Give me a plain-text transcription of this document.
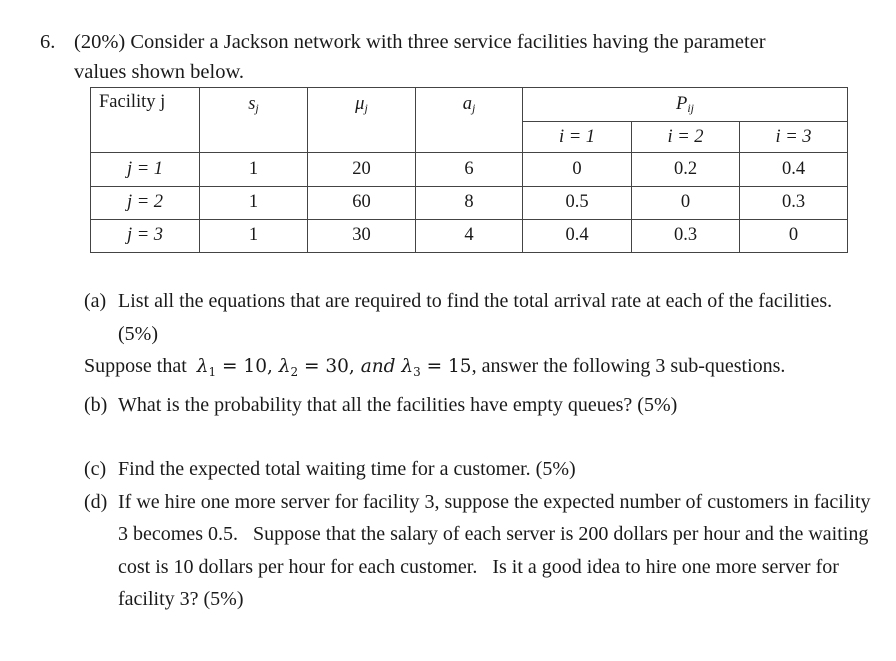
6. (20%) Consider a Jackson network with three service facilities having the parameter
values shown below.
Facility j	$s_j$	$\mu_j$	$a_j$	$P_{ij}$
				i = 1	i = 2	i = 3
j = 1	1	20	6	0	0.2	0.4
j = 2	1	60	8	0.5	0	0.3
j = 3	1	30	4	0.4	0.3	0
(a) List all the equations that are required to find the total arrival rate at each of the facilities. (5%)
Suppose that $\lambda_1 = 10$, $\lambda_2 = 30$, and $\lambda_3 = 15$, answer the following 3 sub-questions.
(b) What is the probability that all the facilities have empty queues? (5%)
(c) Find the expected total waiting time for a customer. (5%)
(d) If we hire one more server for facility 3, suppose the expected number of customers in facility 3 becomes 0.5.   Suppose that the salary of each server is 200 dollars per hour and the waiting cost is 10 dollars per hour for each customer.   Is it a good idea to hire one more server for facility 3? (5%)
